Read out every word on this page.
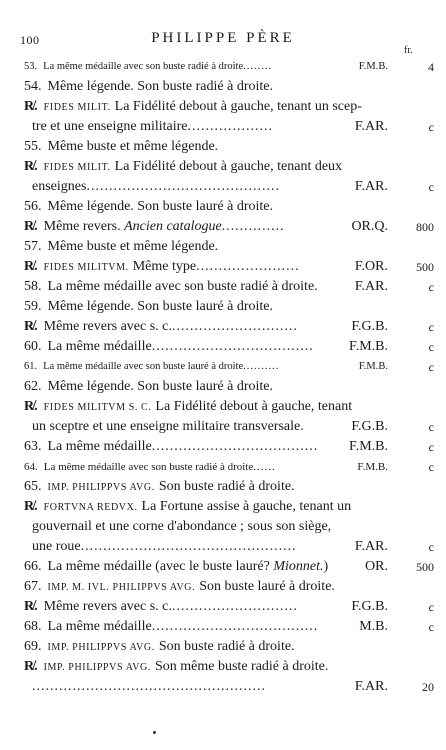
100	PHILIPPE PÈRE
fr.
53. La même médaille avec son buste radié à droite........	F.M.B.	4
54. Même légende. Son buste radié à droite.
R̸. FIDES MILIT. La Fidélité debout à gauche, tenant un scep-
tre et une enseigne militaire...................	F.AR.	c
55. Même buste et même légende.
R̸. FIDES MILIT. La Fidélité debout à gauche, tenant deux
enseignes...........................................	F.AR.	c
56. Même légende. Son buste lauré à droite.
R̸. Même revers. Ancien catalogue..............	OR.Q. 800
57. Même buste et même légende.
R̸. FIDES MILITVM. Même type.......................	F.OR. 500
58. La même médaille avec son buste radié à droite.	F.AR.	c
59. Même légende. Son buste lauré à droite.
R̸. Même revers avec s. c.............................	F.G.B.	c
60. La même médaille....................................	F.M.B.	c
61. La même médaille avec son buste lauré à droite..........	F.M.B.	c
62. Même légende. Son buste lauré à droite.
R̸. FIDES MILITVM S. C. La Fidélité debout à gauche, tenant
un sceptre et une enseigne militaire transversale.	F.G.B.	c
63. La même médaille..................................... F.M.B.	c
64. La même médaille avec son buste radié à droite......	F.M.B.	c
65. IMP. PHILIPPVS AVG. Son buste radié à droite.
R̸. FORTVNA REDVX. La Fortune assise à gauche, tenant un
gouvernail et une corne d'abondance ; sous son siège,
une roue................................................	F.AR.	c
66. La même médaille (avec le buste lauré? Mionnet.)	OR. 500
67. IMP. M. IVL. PHILIPPVS AVG. Son buste lauré à droite.
R̸. Même revers avec s. c.............................	F.G.B.	c
68. La même médaille.....................................	M.B.	c
69. IMP. PHILIPPVS AVG. Son buste radié à droite.
R̸. IMP. PHILIPPVS AVG. Son même buste radié à droite.
....................................................	F.AR.	20
